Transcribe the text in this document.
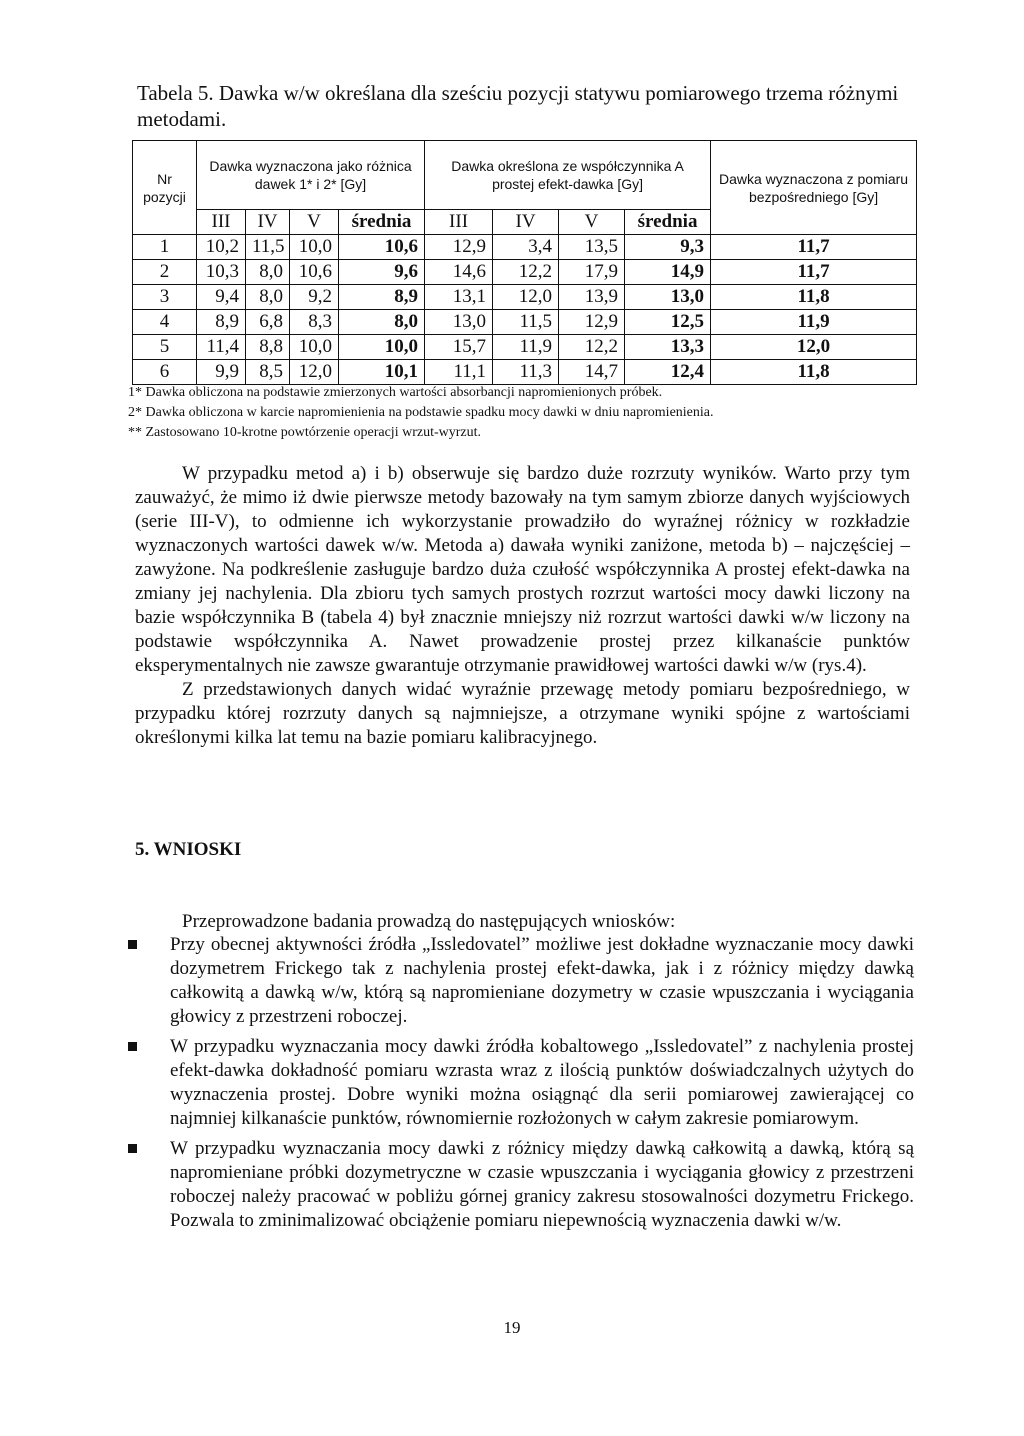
Tabela 5. Dawka w/w określana dla sześciu pozycji statywu pomiarowego trzema różnymi metodami.
Nr pozycji	Dawka wyznaczona jako różnica dawek 1* i 2* [Gy]				Dawka określona ze współczynnika A prostej efekt-dawka [Gy]				Dawka wyznaczona z pomiaru bezpośredniego [Gy]
	III	IV	V	średnia	III	IV	V	średnia	
1	10,2	11,5	10,0	10,6	12,9	3,4	13,5	9,3	11,7
2	10,3	8,0	10,6	9,6	14,6	12,2	17,9	14,9	11,7
3	9,4	8,0	9,2	8,9	13,1	12,0	13,9	13,0	11,8
4	8,9	6,8	8,3	8,0	13,0	11,5	12,9	12,5	11,9
5	11,4	8,8	10,0	10,0	15,7	11,9	12,2	13,3	12,0
6	9,9	8,5	12,0	10,1	11,1	11,3	14,7	12,4	11,8

1* Dawka obliczona na podstawie zmierzonych wartości absorbancji napromienionych próbek.

2* Dawka obliczona w karcie napromienienia na podstawie spadku mocy dawki w dniu napromienienia.

** Zastosowano 10-krotne powtórzenie operacji wrzut-wyrzut.

W przypadku metod a) i b) obserwuje się bardzo duże rozrzuty wyników. Warto przy tym zauważyć, że mimo iż dwie pierwsze metody bazowały na tym samym zbiorze danych wyjściowych (serie III-V), to odmienne ich wykorzystanie prowadziło do wyraźnej różnicy w rozkładzie wyznaczonych wartości dawek w/w. Metoda a) dawała wyniki zaniżone, metoda b) – najczęściej – zawyżone. Na podkreślenie zasługuje bardzo duża czułość współczynnika A prostej efekt-dawka na zmiany jej nachylenia. Dla zbioru tych samych prostych rozrzut wartości mocy dawki liczony na bazie współczynnika B (tabela 4) był znacznie mniejszy niż rozrzut wartości dawki w/w liczony na podstawie współczynnika A. Nawet prowadzenie prostej przez kilkanaście punktów eksperymentalnych nie zawsze gwarantuje otrzymanie prawidłowej wartości dawki w/w (rys.4).

Z przedstawionych danych widać wyraźnie przewagę metody pomiaru bezpośredniego, w przypadku której rozrzuty danych są najmniejsze, a otrzymane wyniki spójne z wartościami określonymi kilka lat temu na bazie pomiaru kalibracyjnego.

5. WNIOSKI
Przeprowadzone badania prowadzą do następujących wniosków:
Przy obecnej aktywności źródła „Issledovatel” możliwe jest dokładne wyznaczanie mocy dawki dozymetrem Frickego tak z nachylenia prostej efekt-dawka, jak i z różnicy między dawką całkowitą a dawką w/w, którą są napromieniane dozymetry w czasie wpuszczania i wyciągania głowicy z przestrzeni roboczej.
W przypadku wyznaczania mocy dawki źródła kobaltowego „Issledovatel” z nachylenia prostej efekt-dawka dokładność pomiaru wzrasta wraz z ilością punktów doświadczalnych użytych do wyznaczenia prostej. Dobre wyniki można osiągnąć dla serii pomiarowej zawierającej co najmniej kilkanaście punktów, równomiernie rozłożonych w całym zakresie pomiarowym.
W przypadku wyznaczania mocy dawki z różnicy między dawką całkowitą a dawką, którą są napromieniane próbki dozymetryczne w czasie wpuszczania i wyciągania głowicy z przestrzeni roboczej należy pracować w pobliżu górnej granicy zakresu stosowalności dozymetru Frickego. Pozwala to zminimalizować obciążenie pomiaru niepewnością wyznaczenia dawki w/w.
19
